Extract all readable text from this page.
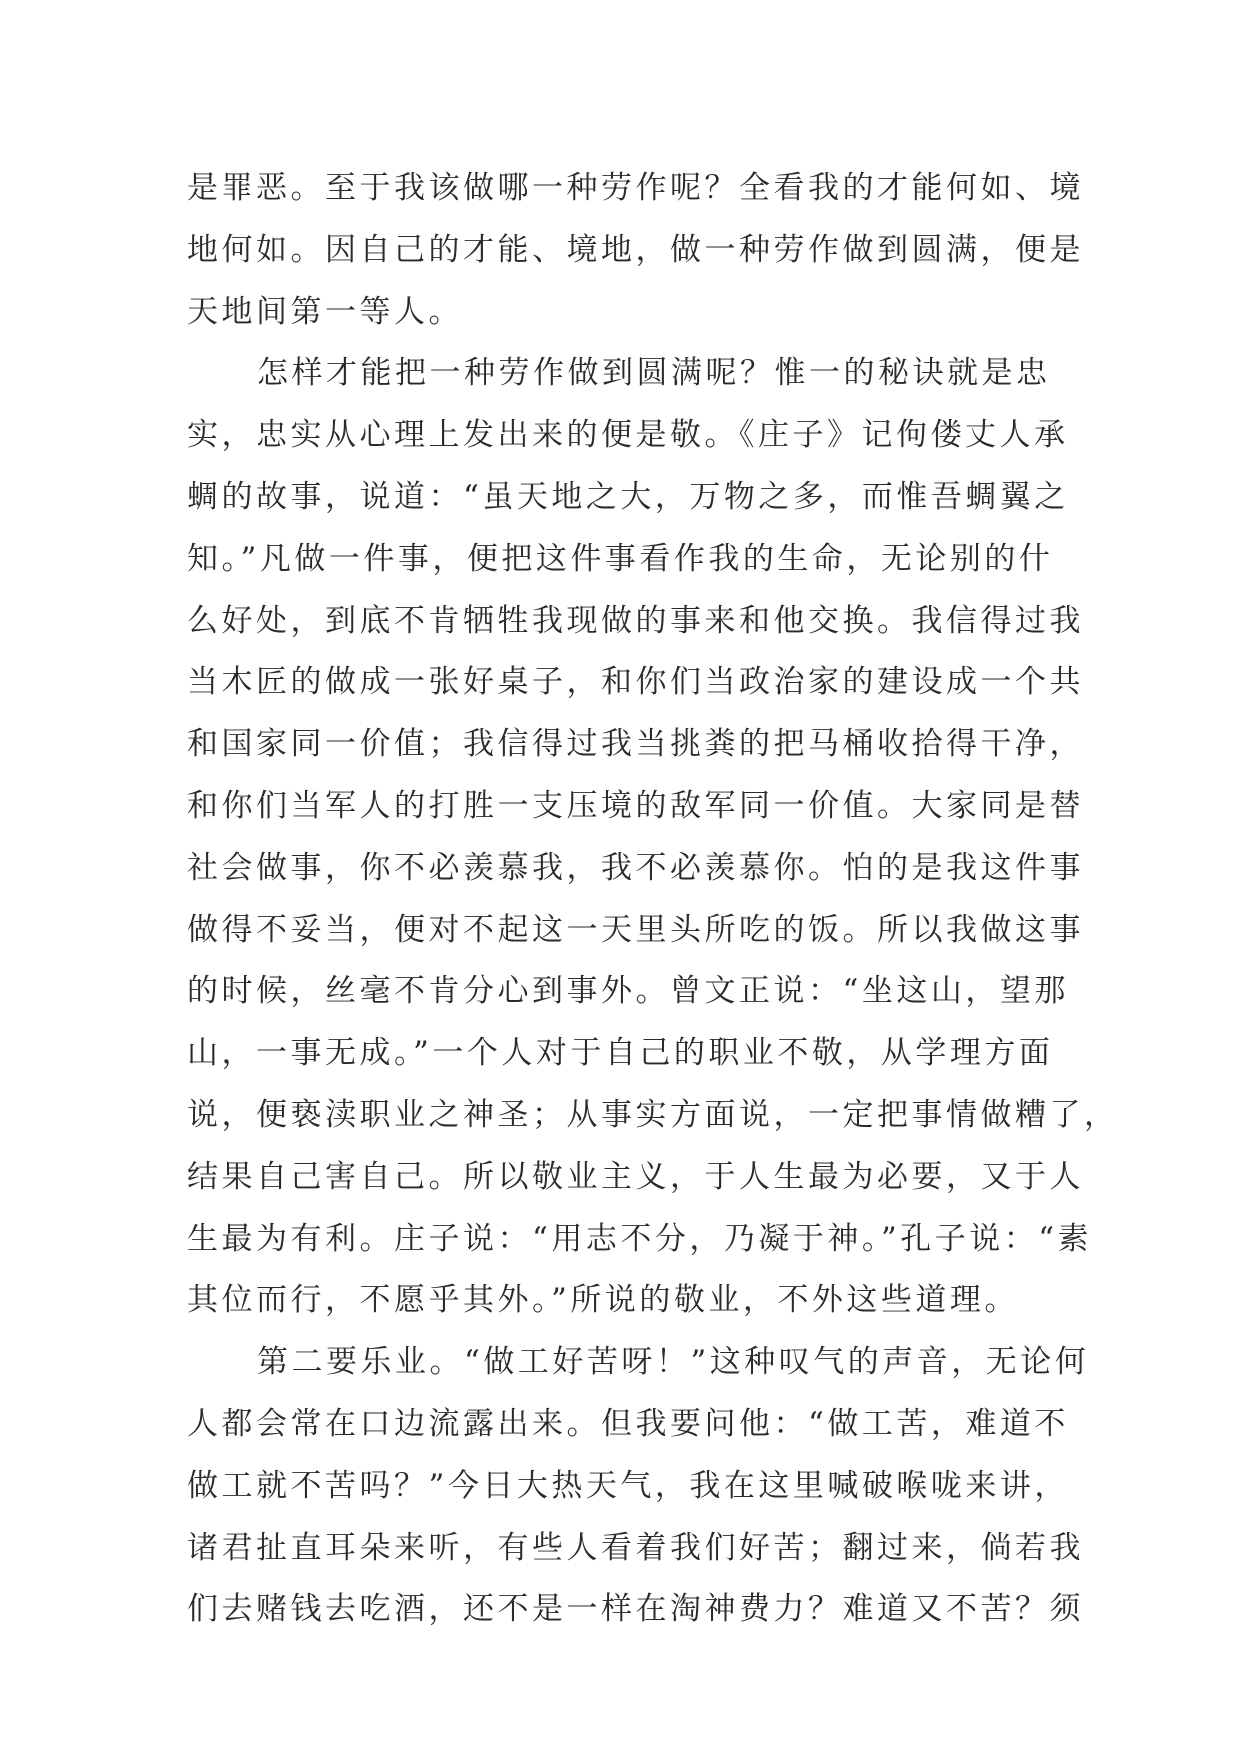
是罪恶。至于我该做哪一种劳作呢？全看我的才能何如、境
地何如。因自己的才能、境地，做一种劳作做到圆满，便是
天地间第一等人。
怎样才能把一种劳作做到圆满呢？惟一的秘诀就是忠
实，忠实从心理上发出来的便是敬。《庄子》记佝偻丈人承
蜩的故事，说道：“虽天地之大，万物之多，而惟吾蜩翼之
知。”凡做一件事，便把这件事看作我的生命，无论别的什
么好处，到底不肯牺牲我现做的事来和他交换。我信得过我
当木匠的做成一张好桌子，和你们当政治家的建设成一个共
和国家同一价值；我信得过我当挑粪的把马桶收拾得干净，
和你们当军人的打胜一支压境的敌军同一价值。大家同是替
社会做事，你不必羡慕我，我不必羡慕你。怕的是我这件事
做得不妥当，便对不起这一天里头所吃的饭。所以我做这事
的时候，丝毫不肯分心到事外。曾文正说：“坐这山，望那
山，一事无成。”一个人对于自己的职业不敬，从学理方面
说，便亵渎职业之神圣；从事实方面说，一定把事情做糟了，
结果自己害自己。所以敬业主义，于人生最为必要，又于人
生最为有利。庄子说：“用志不分，乃凝于神。”孔子说：“素
其位而行，不愿乎其外。”所说的敬业，不外这些道理。
第二要乐业。“做工好苦呀！”这种叹气的声音，无论何
人都会常在口边流露出来。但我要问他：“做工苦，难道不
做工就不苦吗？”今日大热天气，我在这里喊破喉咙来讲，
诸君扯直耳朵来听，有些人看着我们好苦；翻过来，倘若我
们去赌钱去吃酒，还不是一样在淘神费力？难道又不苦？须
